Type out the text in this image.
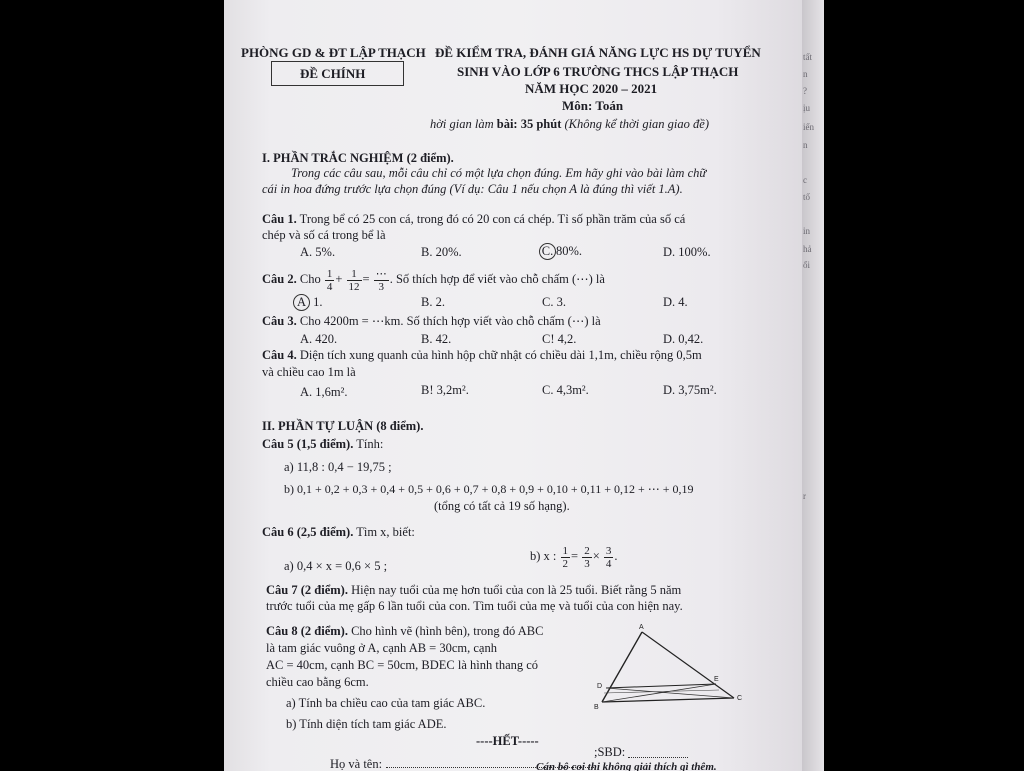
PHÒNG GD & ĐT LẬP THẠCH ĐỀ KIỂM TRA, ĐÁNH GIÁ NĂNG LỰC HS DỰ TUYỂN
SINH VÀO LỚP 6 TRƯỜNG THCS LẬP THẠCH
NĂM HỌC 2020 – 2021
Môn: Toán
ĐỀ CHÍNH
hời gian làm bài: 35 phút (Không kể thời gian giao đề)
I. PHẦN TRẮC NGHIỆM (2 điểm).
Trong các câu sau, mỗi câu chỉ có một lựa chọn đúng. Em hãy ghi vào bài làm chữ
cái in hoa đứng trước lựa chọn đúng (Ví dụ: Câu 1 nếu chọn A là đúng thì viết 1.A).
Câu 1. Trong bể có 25 con cá, trong đó có 20 con cá chép. Tỉ số phần trăm của số cá
chép và số cá trong bể là
A. 5%.	B. 20%.	C. 80%.	D. 100%.
Câu 2. Cho $\frac{1}{4} + \frac{1}{12} = \frac{\cdots}{3}$ . Số thích hợp để viết vào chỗ chấm (⋯) là
A 1.	B. 2.	C. 3.	D. 4.
Câu 3. Cho 4200m = ⋯km. Số thích hợp viết vào chỗ chấm (⋯) là
A. 420.	B. 42.	C! 4,2.	D. 0,42.
Câu 4. Diện tích xung quanh của hình hộp chữ nhật có chiều dài 1,1m, chiều rộng 0,5m
và chiều cao 1m là
A. 1,6m².	B! 3,2m².	C. 4,3m².	D. 3,75m².
II. PHẦN TỰ LUẬN (8 điểm).
Câu 5 (1,5 điểm). Tính:
a) 11,8 : 0,4 − 19,75 ;
b) 0,1 + 0,2 + 0,3 + 0,4 + 0,5 + 0,6 + 0,7 + 0,8 + 0,9 + 0,10 + 0,11 + 0,12 + ⋯ + 0,19
(tổng có tất cả 19 số hạng).
Câu 6 (2,5 điểm). Tìm x, biết:
a) 0,4 × x = 0,6 × 5 ;
b) x : $\frac{1}{2} = \frac{2}{3} \times \frac{3}{4}$ .
Câu 7 (2 điểm). Hiện nay tuổi của mẹ hơn tuổi của con là 25 tuổi. Biết rằng 5 năm
trước tuổi của mẹ gấp 6 lần tuổi của con. Tìm tuổi của mẹ và tuổi của con hiện nay.
Câu 8 (2 điểm). Cho hình vẽ (hình bên), trong đó ABC
là tam giác vuông ở A, cạnh AB = 30cm, cạnh
AC = 40cm, cạnh BC = 50cm, BDEC là hình thang có
chiều cao bằng 6cm.
a) Tính ba chiều cao của tam giác ABC.
b) Tính diện tích tam giác ADE.
A
B
C
D
E
----HẾT-----
Họ và tên:
;SBD:
Cán bộ coi thi không giải thích gì thêm.
tất
n
?
ịu
iến
n
c
tố
in
hả
ổi
r
